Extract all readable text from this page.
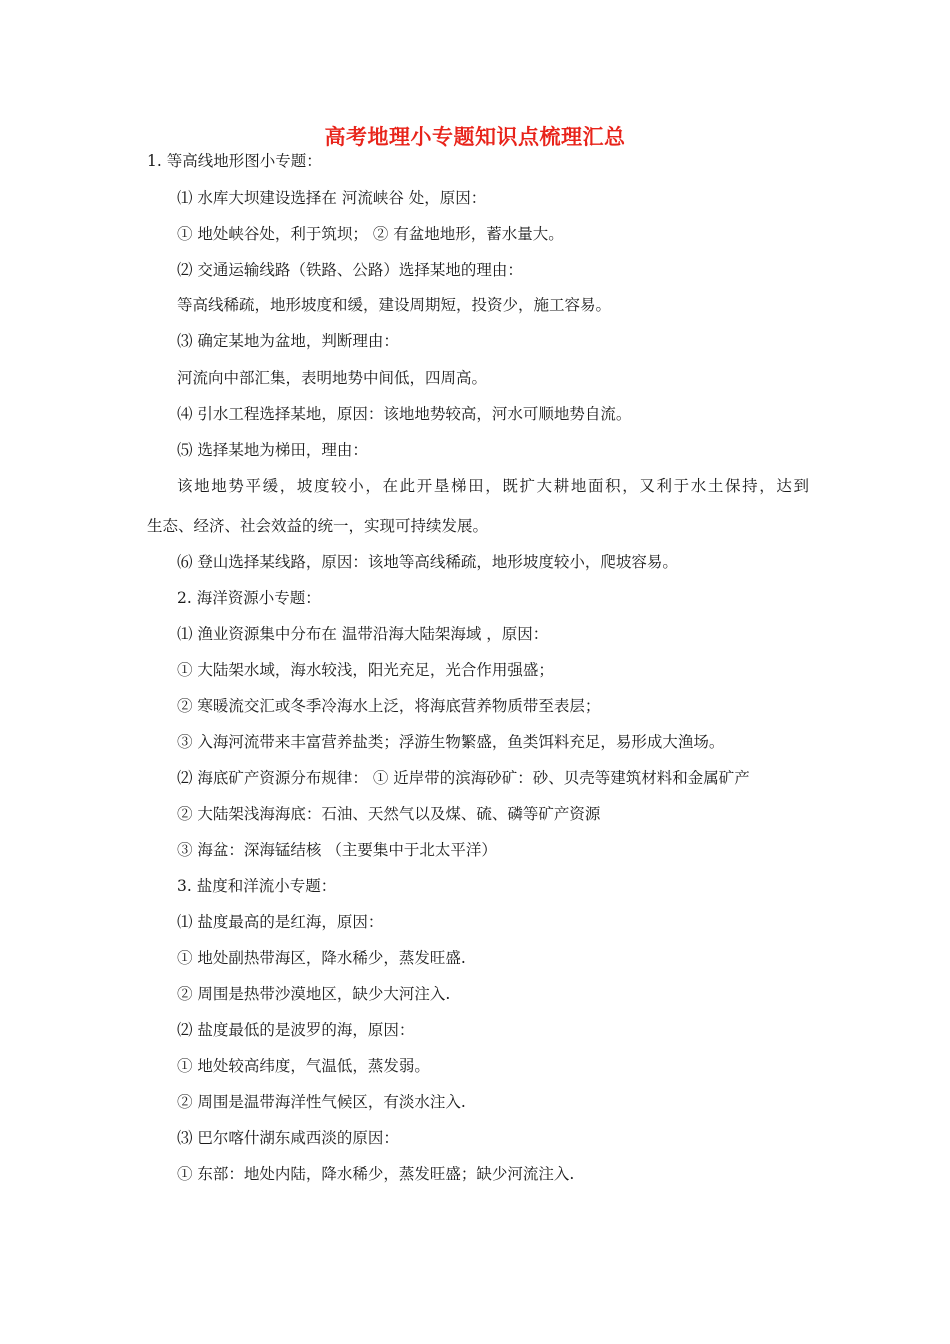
高考地理小专题知识点梳理汇总
1. 等高线地形图小专题：
⑴ 水库大坝建设选择在 河流峡谷 处，原因：
① 地处峡谷处，利于筑坝； ② 有盆地地形，蓄水量大。
⑵ 交通运输线路（铁路、公路）选择某地的理由：
等高线稀疏，地形坡度和缓，建设周期短，投资少，施工容易。
⑶ 确定某地为盆地，判断理由：
河流向中部汇集，表明地势中间低，四周高。
⑷ 引水工程选择某地，原因：该地地势较高，河水可顺地势自流。
⑸ 选择某地为梯田，理由：
该地地势平缓，坡度较小，在此开垦梯田，既扩大耕地面积，又利于水土保持，达到
生态、经济、社会效益的统一，实现可持续发展。
⑹ 登山选择某线路，原因：该地等高线稀疏，地形坡度较小，爬坡容易。
2. 海洋资源小专题：
⑴ 渔业资源集中分布在 温带沿海大陆架海域 ，原因：
① 大陆架水域，海水较浅，阳光充足，光合作用强盛；
② 寒暖流交汇或冬季冷海水上泛，将海底营养物质带至表层；
③ 入海河流带来丰富营养盐类；浮游生物繁盛，鱼类饵料充足，易形成大渔场。
⑵ 海底矿产资源分布规律： ① 近岸带的滨海砂矿：砂、贝壳等建筑材料和金属矿产
② 大陆架浅海海底：石油、天然气以及煤、硫、磷等矿产资源
③ 海盆：深海锰结核 （主要集中于北太平洋）
3. 盐度和洋流小专题：
⑴ 盐度最高的是红海，原因：
① 地处副热带海区，降水稀少，蒸发旺盛.
② 周围是热带沙漠地区，缺少大河注入.
⑵ 盐度最低的是波罗的海，原因：
① 地处较高纬度，气温低，蒸发弱。
② 周围是温带海洋性气候区，有淡水注入.
⑶ 巴尔喀什湖东咸西淡的原因：
① 东部：地处内陆，降水稀少，蒸发旺盛；缺少河流注入.
